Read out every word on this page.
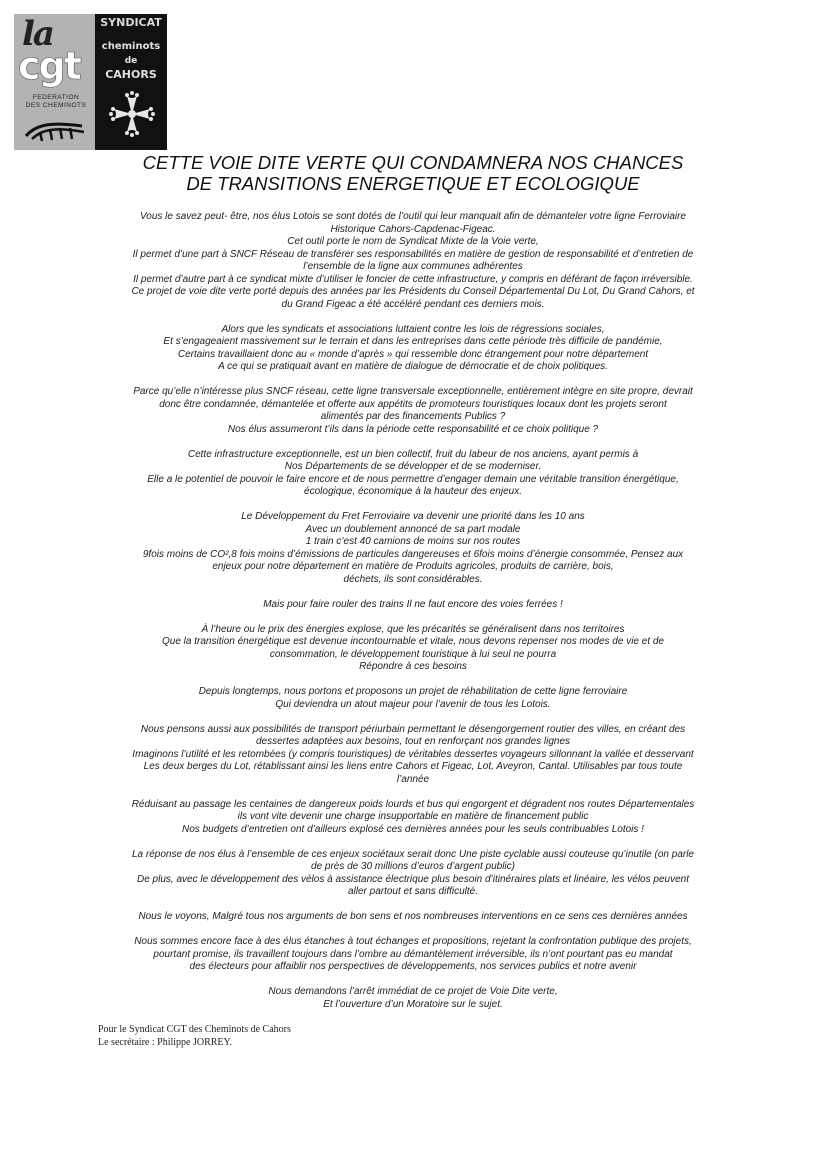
la
cgt
FEDERATION
DES CHEMINOTS
SYNDICAT
cheminots
de
CAHORS
CETTE VOIE DITE VERTE QUI CONDAMNERA NOS CHANCES
DE TRANSITIONS ENERGETIQUE ET ECOLOGIQUE
Vous le savez peut- être, nos élus Lotois se sont dotés de l’outil qui leur manquait afin de démanteler votre ligne Ferroviaire
Historique Cahors-Capdenac-Figeac.
Cet outil porte le nom de Syndicat Mixte de la Voie verte,
Il permet d’une part à SNCF Réseau de transférer ses responsabilités en matière de gestion de responsabilité et d’entretien de
l’ensemble de la ligne aux communes adhérentes
Il permet d’autre part à ce syndicat mixte d’utiliser le foncier de cette infrastructure, y compris en déférant de façon irréversible.
Ce projet de voie dite verte porté depuis des années par les Présidents du Conseil Départemental Du Lot, Du Grand Cahors, et
du Grand Figeac a été accéléré pendant ces derniers mois.
Alors que les syndicats et associations luttaient contre les lois de régressions sociales,
Et s’engageaient massivement sur le terrain et dans les entreprises dans cette période très difficile de pandémie,
Certains travaillaient donc au « monde d’après » qui ressemble donc étrangement pour notre département
A ce qui se pratiquait avant en matière de dialogue de démocratie et de choix politiques.
Parce qu’elle n’intéresse plus SNCF réseau, cette ligne transversale exceptionnelle, entièrement intègre en site propre, devrait
donc être condamnée, démantelée et offerte aux appétits de promoteurs touristiques locaux dont les projets seront
alimentés par des financements Publics ?
Nos élus assumeront t’ils dans la période cette responsabilité et ce choix politique ?
Cette infrastructure exceptionnelle, est un bien collectif, fruit du labeur de nos anciens, ayant permis à
Nos Départements de se développer et de se moderniser.
Elle a le potentiel de pouvoir le faire encore et de nous permettre d’engager demain une véritable transition énergétique,
écologique, économique à la hauteur des enjeux.
Le Développement du Fret Ferroviaire va devenir une priorité dans les 10 ans
Avec un doublement annoncé de sa part modale
1 train c’est 40 camions de moins sur nos routes
9fois moins de CO²,8 fois moins d’émissions de particules dangereuses et 6fois moins d’énergie consommée, Pensez aux
enjeux pour notre département en matière de Produits agricoles, produits de carrière, bois,
déchets, ils sont considérables.
Mais pour faire rouler des trains Il ne faut encore des voies ferrées !
À l’heure ou le prix des énergies explose, que les précarités se généralisent dans nos territoires
Que la transition énergétique est devenue incontournable et vitale, nous devons repenser nos modes de vie et de
consommation, le développement touristique à lui seul ne pourra
Répondre à ces besoins
Depuis longtemps, nous portons et proposons un projet de réhabilitation de cette ligne ferroviaire
Qui deviendra un atout majeur pour l’avenir de tous les Lotois.
Nous pensons aussi aux possibilités de transport périurbain permettant le désengorgement routier des villes, en créant des
dessertes adaptées aux besoins, tout en renforçant nos grandes lignes
Imaginons l’utilité et les retombées (y compris touristiques) de véritables dessertes voyageurs sillonnant la vallée et desservant
Les deux berges du Lot, rétablissant ainsi les liens entre Cahors et Figeac, Lot, Aveyron, Cantal. Utilisables par tous toute
l’année
Réduisant au passage les centaines de dangereux poids lourds et bus qui engorgent et dégradent nos routes Départementales
ils vont vite devenir une charge insupportable en matière de financement public
Nos budgets d’entretien ont d’ailleurs explosé ces dernières années pour les seuls contribuables Lotois !
La réponse de nos élus à l’ensemble de ces enjeux sociétaux serait donc Une piste cyclable aussi couteuse qu’inutile (on parle
de près de 30 millions d’euros d’argent public)
De plus, avec le développement des vélos à assistance électrique plus besoin d’itinéraires plats et linéaire, les vélos peuvent
aller partout et sans difficulté.
Nous le voyons, Malgré tous nos arguments de bon sens et nos nombreuses interventions en ce sens ces dernières années
Nous sommes encore face à des élus étanches à tout échanges et propositions, rejetant la confrontation publique des projets,
pourtant promise, ils travaillent toujours dans l’ombre au démantèlement irréversible, ils n’ont pourtant pas eu mandat
des électeurs pour affaiblir nos perspectives de développements, nos services publics et notre avenir
Nous demandons l’arrêt immédiat de ce projet de Voie Dite verte,
Et l’ouverture d’un Moratoire sur le sujet.
Pour le Syndicat CGT des Cheminots de Cahors
Le secrétaire : Philippe JORREY.
